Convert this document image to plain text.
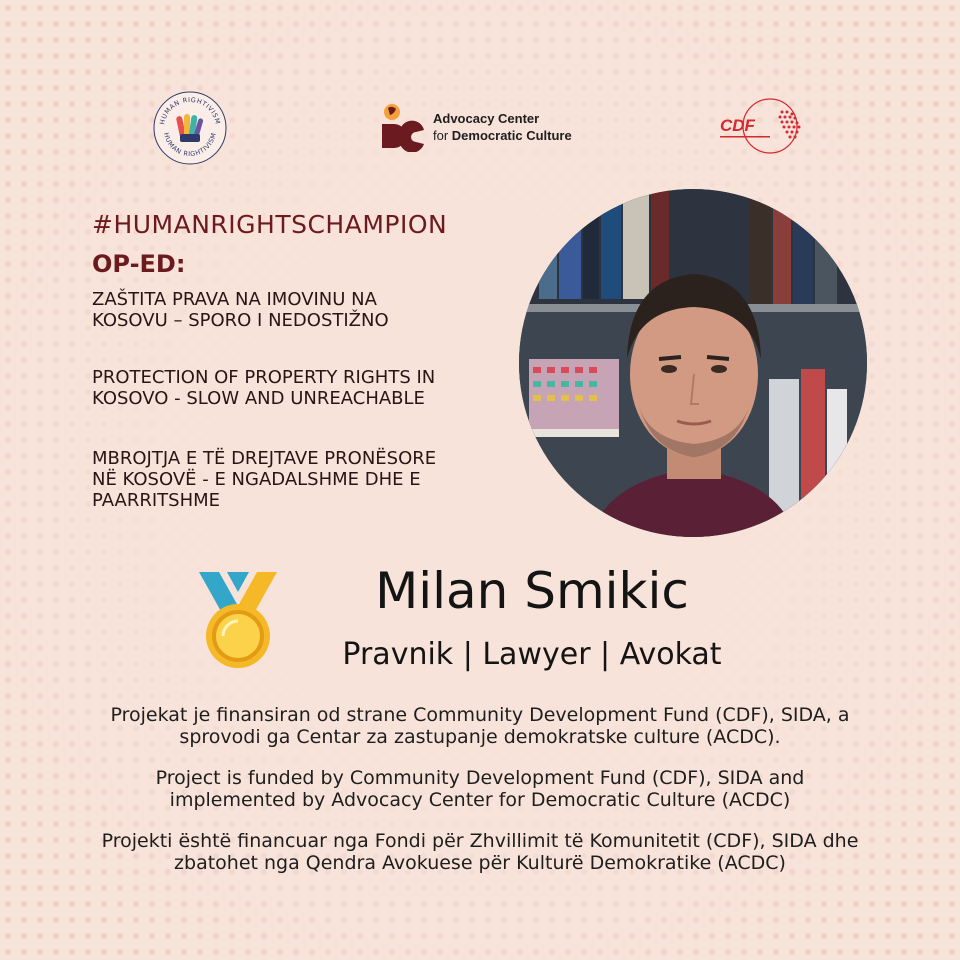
HUMAN RIGHTIVISM
HUMAN RIGHTIVISM
Advocacy Center
for Democratic Culture
CDF
#HUMANRIGHTSCHAMPION
OP-ED:
ZAŠTITA PRAVA NA IMOVINU NA
KOSOVU – SPORO I NEDOSTIŽNO
PROTECTION OF PROPERTY RIGHTS IN
KOSOVO - SLOW AND UNREACHABLE
MBROJTJA E TË DREJTAVE PRONËSORE
NË KOSOVË - E NGADALSHME DHE E
PAARRITSHME
Milan Smikic
Pravnik | Lawyer | Avokat
Projekat je finansiran od strane Community Development Fund (CDF), SIDA, a
sprovodi ga Centar za zastupanje demokratske culture (ACDC).
Project is funded by Community Development Fund (CDF), SIDA and
implemented by Advocacy Center for Democratic Culture (ACDC)
Projekti është financuar nga Fondi për Zhvillimit të Komunitetit (CDF), SIDA dhe
zbatohet nga Qendra Avokuese për Kulturë Demokratike (ACDC)
